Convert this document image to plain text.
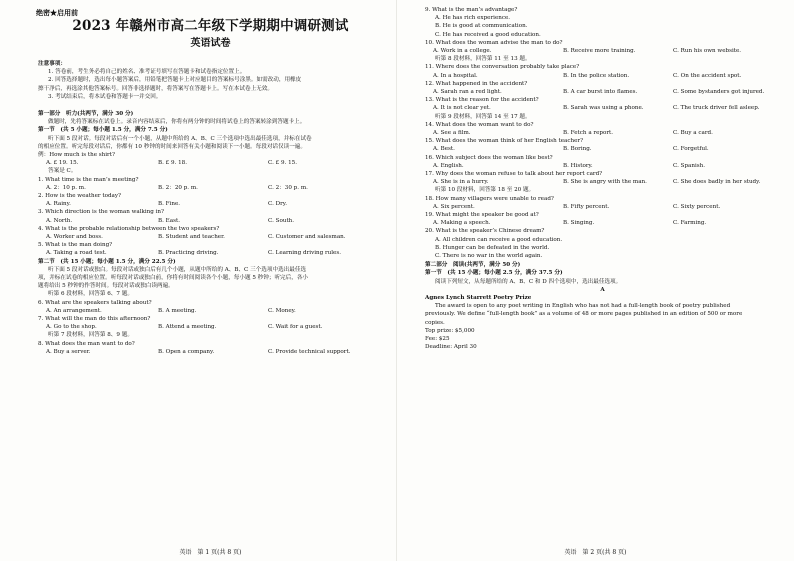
绝密★启用前
2023 年赣州市高二年级下学期期中调研测试
英语试卷
注意事项：
1. 答卷前，考生务必将自己的姓名、准考证号填写在答题卡和试卷指定位置上。
2. 回答选择题时，选出每小题答案后，用铅笔把答题卡上对应题目的答案标号涂黑。如需改动，用橡皮
擦干净后，再选涂其他答案标号。回答非选择题时，将答案写在答题卡上。写在本试卷上无效。
3. 考试结束后，将本试卷和答题卡一并交回。
第一部分　听力(共两节，满分 30 分)
做题时，先将答案标在试卷上。录音内容结束后，你将有两分钟的时间将试卷上的答案转涂到答题卡上。
第一节　(共 5 小题；每小题 1.5 分，满分 7.5 分)
听下面 5 段对话。每段对话后有一个小题，从题中所给的 A、B、C 三个选项中选出最佳选项，并标在试卷
的相应位置。听完每段对话后，你都有 10 秒钟的时间来回答有关小题和阅读下一小题。每段对话仅读一遍。
例：How much is the shirt?
A. £ 19. 15.	B. £ 9. 18.	C. £ 9. 15.
答案是 C。
1. What time is the man’s meeting?
A. 2：10 p. m.	B. 2：20 p. m.	C. 2：30 p. m.
2. How is the weather today?
A. Rainy.	B. Fine.	C. Dry.
3. Which direction is the woman walking in?
A. North.	B. East.	C. South.
4. What is the probable relationship between the two speakers?
A. Worker and boss.	B. Student and teacher.	C. Customer and salesman.
5. What is the man doing?
A. Taking a road test.	B. Practicing driving.	C. Learning driving rules.
第二节　(共 15 小题；每小题 1.5 分，满分 22.5 分)
听下面 5 段对话或独白。每段对话或独白后有几个小题，从题中所给的 A、B、C 三个选项中选出最佳选
项，并标在试卷的相应位置。听每段对话或独白前，你将有时间阅读各个小题，每小题 5 秒钟；听完后，各小
题将给出 5 秒钟的作答时间。每段对话或独白读两遍。
听第 6 段材料，回答第 6、7 题。
6. What are the speakers talking about?
A. An arrangement.	B. A meeting.	C. Money.
7. What will the man do this afternoon?
A. Go to the shop.	B. Attend a meeting.	C. Wait for a guest.
听第 7 段材料，回答第 8、9 题。
8. What does the man want to do?
A. Buy a server.	B. Open a company.	C. Provide technical support.
英语　第 1 页(共 8 页)
9. What is the man’s advantage?
A. He has rich experience.
B. He is good at communication.
C. He has received a good education.
10. What does the woman advise the man to do?
A. Work in a college.	B. Receive more training.	C. Run his own website.
听第 8 段材料，回答第 11 至 13 题。
11. Where does the conversation probably take place?
A. In a hospital.	B. In the police station.	C. On the accident spot.
12. What happened in the accident?
A. Sarah ran a red light.	B. A car burst into flames.	C. Some bystanders got injured.
13. What is the reason for the accident?
A. It is not clear yet.	B. Sarah was using a phone.	C. The truck driver fell asleep.
听第 9 段材料，回答第 14 至 17 题。
14. What does the woman want to do?
A. See a film.	B. Fetch a report.	C. Buy a card.
15. What does the woman think of her English teacher?
A. Best.	B. Boring.	C. Forgetful.
16. Which subject does the woman like best?
A. English.	B. History.	C. Spanish.
17. Why does the woman refuse to talk about her report card?
A. She is in a hurry.	B. She is angry with the man.	C. She does badly in her study.
听第 10 段材料，回答第 18 至 20 题。
18. How many villagers were unable to read?
A. Six percent.	B. Fifty percent.	C. Sixty percent.
19. What might the speaker be good at?
A. Making a speech.	B. Singing.	C. Farming.
20. What is the speaker’s Chinese dream?
A. All children can receive a good education.
B. Hunger can be defeated in the world.
C. There is no war in the world again.
第二部分　阅读(共两节，满分 50 分)
第一节　(共 15 小题；每小题 2.5 分，满分 37.5 分)
阅读下列短文，从每题所给的 A、B、C 和 D 四个选项中，选出最佳选项。
A
Agnes Lynch Starrett Poetry Prize
The award is open to any poet writing in English who has not had a full-length book of poetry published
previously. We define “full-length book” as a volume of 48 or more pages published in an edition of 500 or more
copies.
Top prize: $5,000
Fee: $25
Deadline: April 30
英语　第 2 页(共 8 页)
